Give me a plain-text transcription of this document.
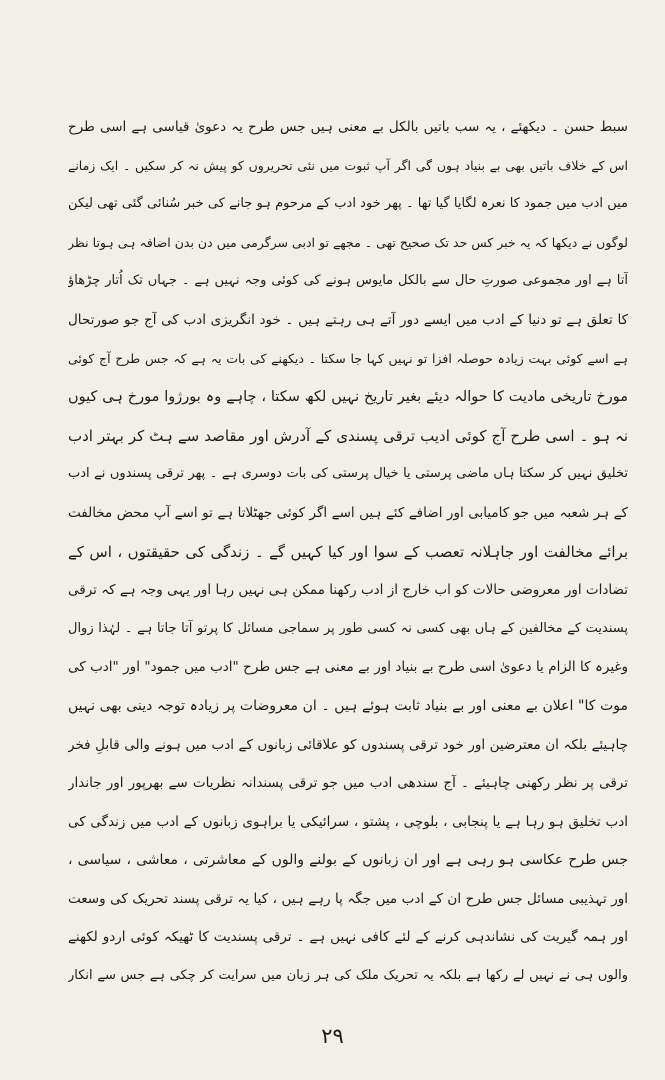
سبط حسن ۔ دیکھئے ، یہ سب باتیں بالکل بے معنی ہیں جس طرح یہ دعویٰ قیاسی ہے اسی طرح
اس کے خلاف باتیں بھی بے بنیاد ہوں گی اگر آپ ثبوت میں نئی تحریروں کو پیش نہ کر سکیں ۔ ایک زمانے
میں ادب میں جمود کا نعرہ لگایا گیا تھا ۔ پھر خود ادب کے مرحوم ہو جانے کی خبر سُنائی گئی تھی لیکن
لوگوں نے دیکھا کہ یہ خبر کس حد تک صحیح تھی ۔ مجھے تو ادبی سرگرمی میں دن بدن اضافہ ہی ہوتا نظر
آتا ہے اور مجموعی صورتِ حال سے بالکل مایوس ہونے کی کوئی وجہ نہیں ہے ۔ جہاں تک اُتار چڑھاؤ
کا تعلق ہے تو دنیا کے ادب میں ایسے دور آتے ہی رہتے ہیں ۔ خود انگریزی ادب کی آج جو صورتحال
ہے اسے کوئی بہت زیادہ حوصلہ افزا تو نہیں کہا جا سکتا ۔ دیکھنے کی بات یہ ہے کہ جس طرح آج کوئی
مورخ تاریخی مادیت کا حوالہ دیئے بغیر تاریخ نہیں لکھ سکتا ، چاہے وہ بورژوا مورخ ہی کیوں
نہ ہو ۔ اسی طرح آج کوئی ادیب ترقی پسندی کے آدرش اور مقاصد سے ہٹ کر بہتر ادب
تخلیق نہیں کر سکتا ہاں ماضی پرستی یا خیال پرستی کی بات دوسری ہے ۔ پھر ترقی پسندوں نے ادب
کے ہر شعبہ میں جو کامیابی اور اضافے کئے ہیں اسے اگر کوئی جھٹلاتا ہے تو اسے آپ محض مخالفت
برائے مخالفت اور جاہلانہ تعصب کے سوا اور کیا کہیں گے ۔ زندگی کی حقیقتوں ، اس کے
تضادات اور معروضی حالات کو اب خارج از ادب رکھنا ممکن ہی نہیں رہا اور یہی وجہ ہے کہ ترقی
پسندیت کے مخالفین کے ہاں بھی کسی نہ کسی طور پر سماجی مسائل کا پرتو آتا جاتا ہے ۔ لہٰذا زوال
وغیرہ کا الزام یا دعویٰ اسی طرح بے بنیاد اور بے معنی ہے جس طرح "ادب میں جمود" اور "ادب کی
موت کا" اعلان بے معنی اور بے بنیاد ثابت ہوئے ہیں ۔ ان معروضات پر زیادہ توجہ دینی بھی نہیں
چاہیئے بلکہ ان معترضین اور خود ترقی پسندوں کو علاقائی زبانوں کے ادب میں ہونے والی قابلِ فخر
ترقی پر نظر رکھنی چاہیئے ۔ آج سندھی ادب میں جو ترقی پسندانہ نظریات سے بھرپور اور جاندار
ادب تخلیق ہو رہا ہے یا پنجابی ، بلوچی ، پشتو ، سرائیکی یا براہوی زبانوں کے ادب میں زندگی کی
جس طرح عکاسی ہو رہی ہے اور ان زبانوں کے بولنے والوں کے معاشرتی ، معاشی ، سیاسی ،
اور تہذیبی مسائل جس طرح ان کے ادب میں جگہ پا رہے ہیں ، کیا یہ ترقی پسند تحریک کی وسعت
اور ہمہ گیریت کی نشاندہی کرنے کے لئے کافی نہیں ہے ۔ ترقی پسندیت کا ٹھیکہ کوئی اردو لکھنے
والوں ہی نے نہیں لے رکھا ہے بلکہ یہ تحریک ملک کی ہر زبان میں سرایت کر چکی ہے جس سے انکار
۲۹
